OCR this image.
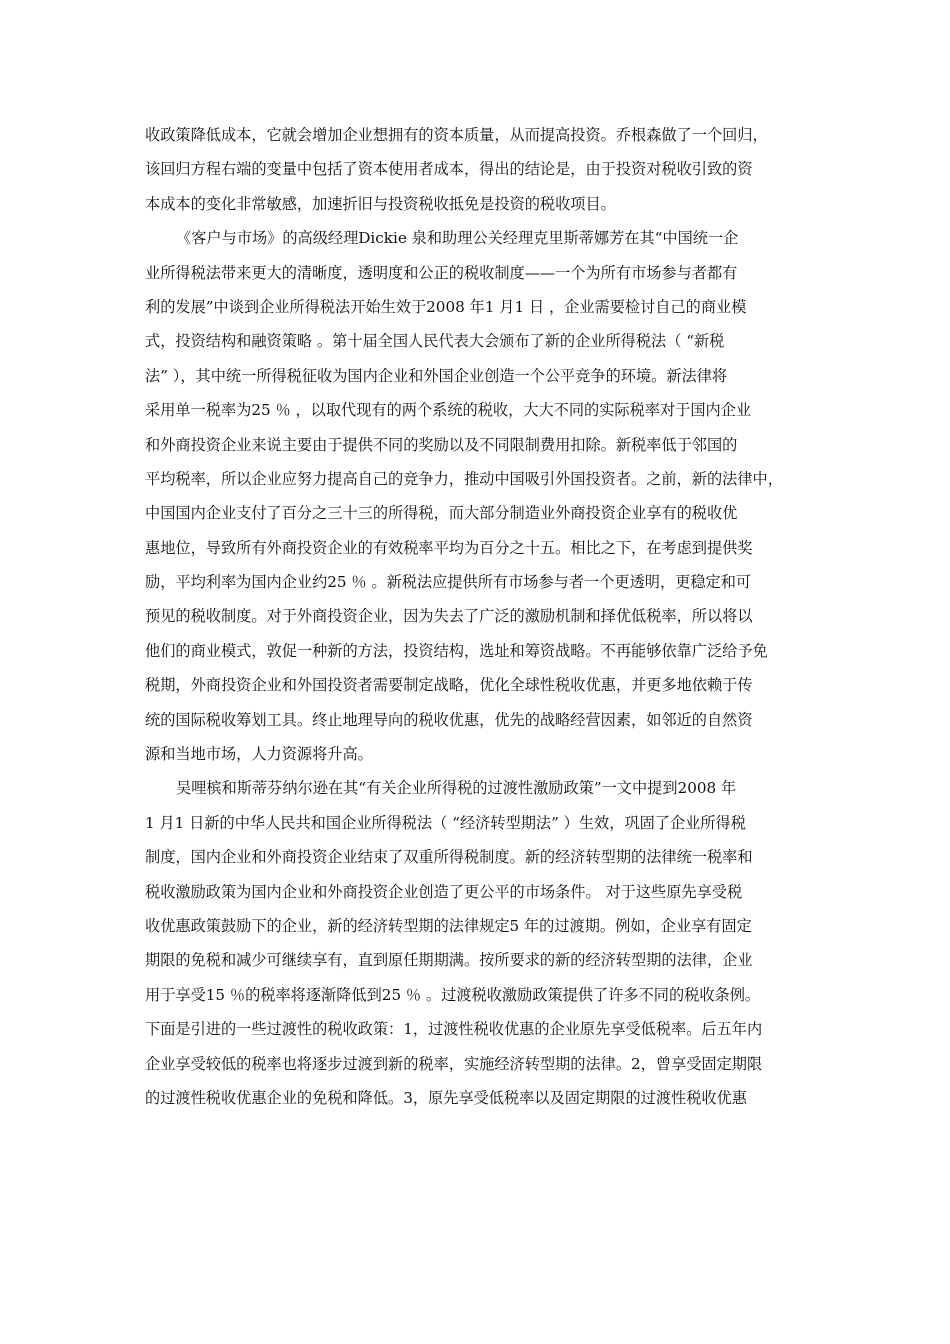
收政策降低成本，它就会增加企业想拥有的资本质量，从而提高投资。乔根森做了一个回归，
该回归方程右端的变量中包括了资本使用者成本，得出的结论是，由于投资对税收引致的资
本成本的变化非常敏感，加速折旧与投资税收抵免是投资的税收项目。
《客户与市场》的高级经理Dickie 泉和助理公关经理克里斯蒂娜芳在其“中国统一企
业所得税法带来更大的清晰度，透明度和公正的税收制度——一个为所有市场参与者都有
利的发展”中谈到企业所得税法开始生效于2008 年1 月1 日 ，企业需要检讨自己的商业模
式，投资结构和融资策略 。第十届全国人民代表大会颁布了新的企业所得税法（ “新税
法” ），其中统一所得税征收为国内企业和外国企业创造一个公平竞争的环境。新法律将
采用单一税率为25 ％ ，以取代现有的两个系统的税收，大大不同的实际税率对于国内企业
和外商投资企业来说主要由于提供不同的奖励以及不同限制费用扣除。新税率低于邻国的
平均税率，所以企业应努力提高自己的竞争力，推动中国吸引外国投资者。之前，新的法律中，
中国国内企业支付了百分之三十三的所得税，而大部分制造业外商投资企业享有的税收优
惠地位，导致所有外商投资企业的有效税率平均为百分之十五。相比之下，在考虑到提供奖
励，平均利率为国内企业约25 ％ 。新税法应提供所有市场参与者一个更透明，更稳定和可
预见的税收制度。对于外商投资企业，因为失去了广泛的激励机制和择优低税率，所以将以
他们的商业模式，敦促一种新的方法，投资结构，选址和筹资战略。不再能够依靠广泛给予免
税期，外商投资企业和外国投资者需要制定战略，优化全球性税收优惠，并更多地依赖于传
统的国际税收筹划工具。终止地理导向的税收优惠，优先的战略经营因素，如邻近的自然资
源和当地市场，人力资源将升高。
吴哩槟和斯蒂芬纳尔逊在其“有关企业所得税的过渡性激励政策”一文中提到2008 年
1 月1 日新的中华人民共和国企业所得税法（ “经济转型期法” ）生效，巩固了企业所得税
制度，国内企业和外商投资企业结束了双重所得税制度。新的经济转型期的法律统一税率和
税收激励政策为国内企业和外商投资企业创造了更公平的市场条件。 对于这些原先享受税
收优惠政策鼓励下的企业，新的经济转型期的法律规定5 年的过渡期。例如，企业享有固定
期限的免税和减少可继续享有，直到原任期期满。按所要求的新的经济转型期的法律，企业
用于享受15 ％的税率将逐渐降低到25 ％ 。过渡税收激励政策提供了许多不同的税收条例。
下面是引进的一些过渡性的税收政策：1，过渡性税收优惠的企业原先享受低税率。后五年内
企业享受较低的税率也将逐步过渡到新的税率，实施经济转型期的法律。2，曾享受固定期限
的过渡性税收优惠企业的免税和降低。3，原先享受低税率以及固定期限的过渡性税收优惠
